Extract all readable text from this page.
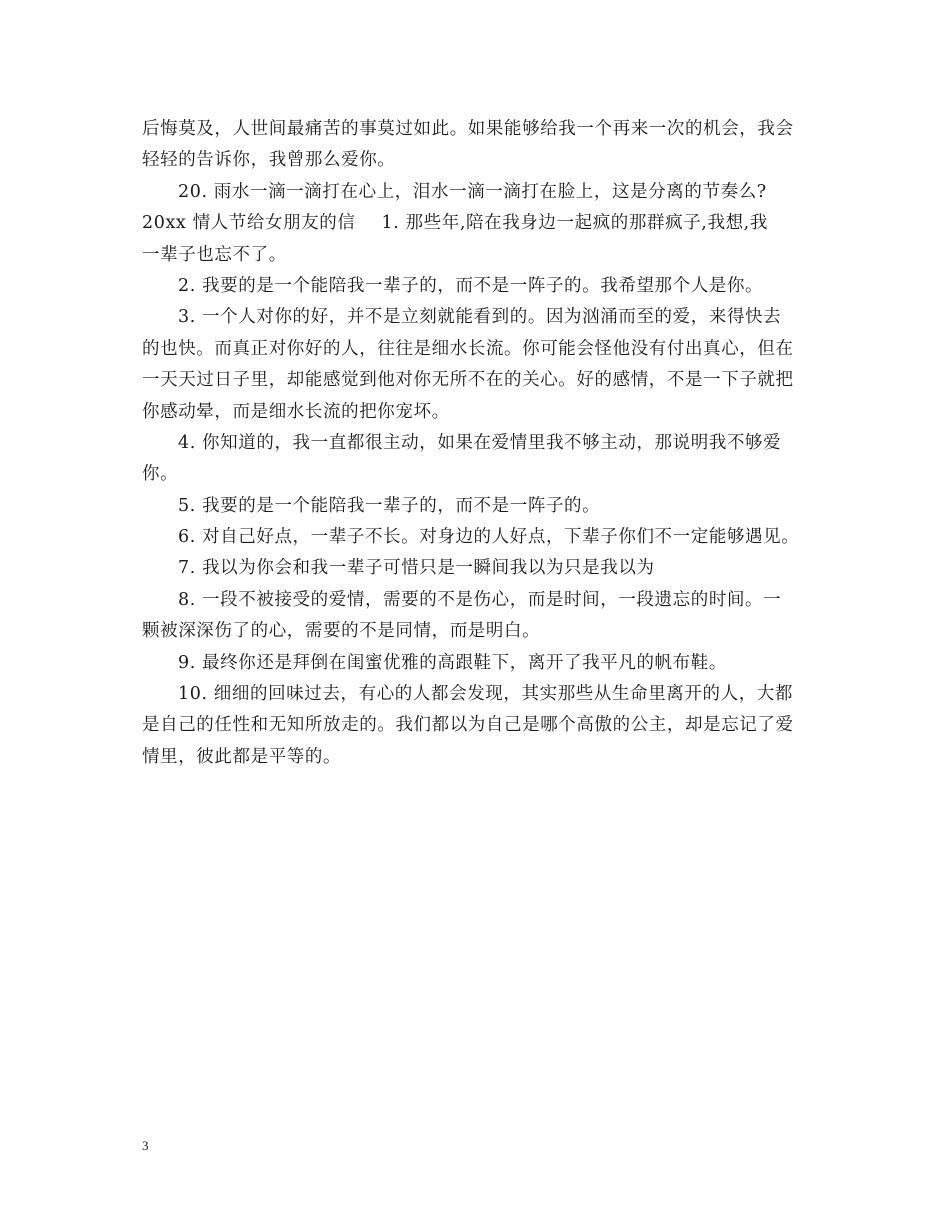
后悔莫及，人世间最痛苦的事莫过如此。如果能够给我一个再来一次的机会，我会
轻轻的告诉你，我曾那么爱你。
20. 雨水一滴一滴打在心上，泪水一滴一滴打在脸上，这是分离的节奏么?
20xx 情人节给女朋友的信 1. 那些年,陪在我身边一起疯的那群疯子,我想,我
一辈子也忘不了。
2. 我要的是一个能陪我一辈子的，而不是一阵子的。我希望那个人是你。
3. 一个人对你的好，并不是立刻就能看到的。因为汹涌而至的爱，来得快去
的也快。而真正对你好的人，往往是细水长流。你可能会怪他没有付出真心，但在
一天天过日子里，却能感觉到他对你无所不在的关心。好的感情，不是一下子就把
你感动晕，而是细水长流的把你宠坏。
4. 你知道的，我一直都很主动，如果在爱情里我不够主动，那说明我不够爱
你。
5. 我要的是一个能陪我一辈子的，而不是一阵子的。
6. 对自己好点，一辈子不长。对身边的人好点，下辈子你们不一定能够遇见。
7. 我以为你会和我一辈子可惜只是一瞬间我以为只是我以为
8. 一段不被接受的爱情，需要的不是伤心，而是时间，一段遗忘的时间。一
颗被深深伤了的心，需要的不是同情，而是明白。
9. 最终你还是拜倒在闺蜜优雅的高跟鞋下，离开了我平凡的帆布鞋。
10. 细细的回味过去，有心的人都会发现，其实那些从生命里离开的人，大都
是自己的任性和无知所放走的。我们都以为自己是哪个高傲的公主，却是忘记了爱
情里，彼此都是平等的。
3
